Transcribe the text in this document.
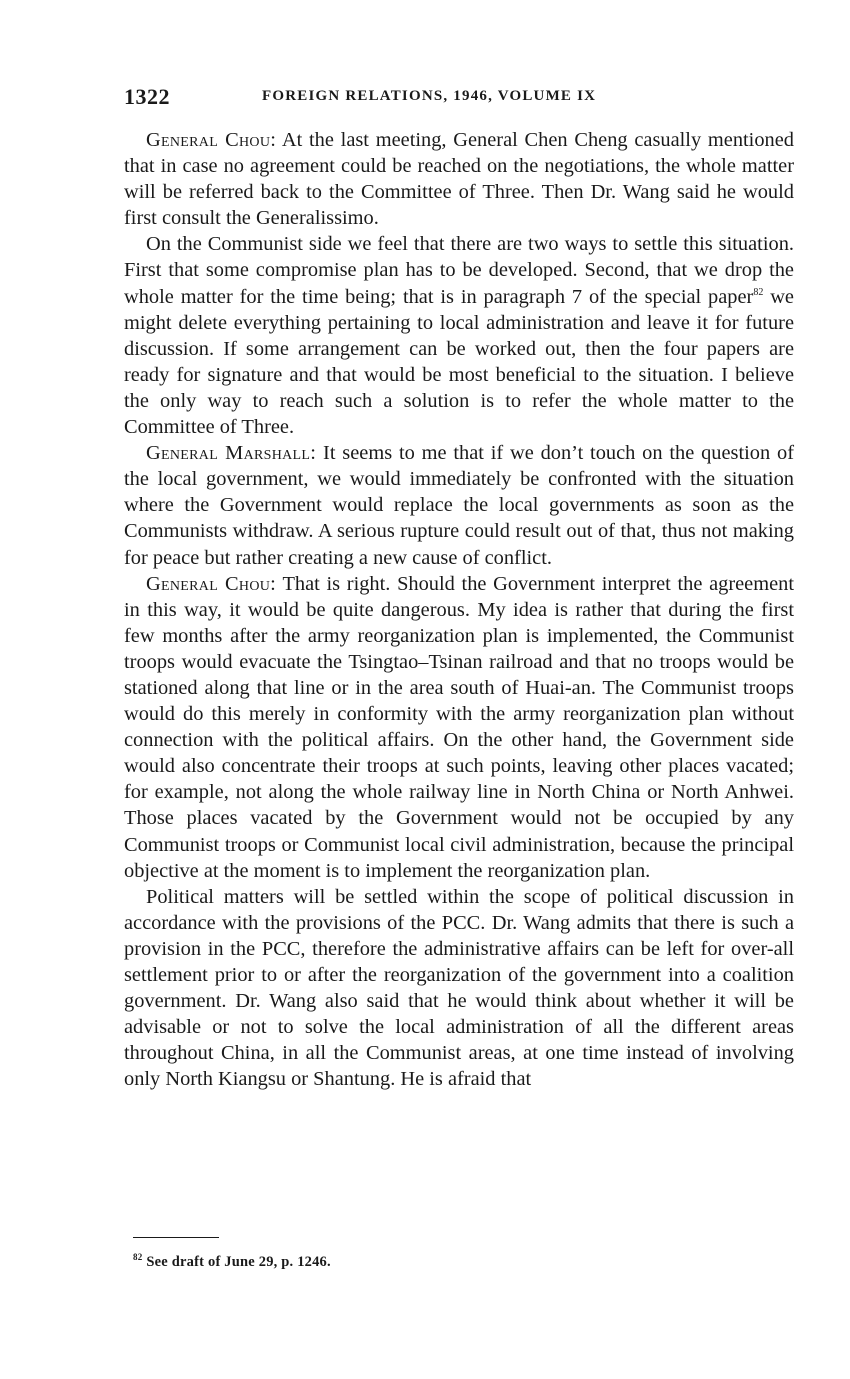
1322	FOREIGN RELATIONS, 1946, VOLUME IX

General Chou: At the last meeting, General Chen Cheng casually mentioned that in case no agreement could be reached on the negotiations, the whole matter will be referred back to the Committee of Three. Then Dr. Wang said he would first consult the Generalissimo.

On the Communist side we feel that there are two ways to settle this situation. First that some compromise plan has to be developed. Second, that we drop the whole matter for the time being; that is in paragraph 7 of the special paper$^{82}$ we might delete everything pertaining to local administration and leave it for future discussion. If some arrangement can be worked out, then the four papers are ready for signature and that would be most beneficial to the situation. I believe the only way to reach such a solution is to refer the whole matter to the Committee of Three.

General Marshall: It seems to me that if we don’t touch on the question of the local government, we would immediately be confronted with the situation where the Government would replace the local governments as soon as the Communists withdraw. A serious rupture could result out of that, thus not making for peace but rather creating a new cause of conflict.

General Chou: That is right. Should the Government interpret the agreement in this way, it would be quite dangerous. My idea is rather that during the first few months after the army reorganization plan is implemented, the Communist troops would evacuate the Tsingtao–Tsinan railroad and that no troops would be stationed along that line or in the area south of Huai-an. The Communist troops would do this merely in conformity with the army reorganization plan without connection with the political affairs. On the other hand, the Government side would also concentrate their troops at such points, leaving other places vacated; for example, not along the whole railway line in North China or North Anhwei. Those places vacated by the Government would not be occupied by any Communist troops or Communist local civil administration, because the principal objective at the moment is to implement the reorganization plan.

Political matters will be settled within the scope of political discussion in accordance with the provisions of the PCC. Dr. Wang admits that there is such a provision in the PCC, therefore the administrative affairs can be left for over-all settlement prior to or after the reorganization of the government into a coalition government. Dr. Wang also said that he would think about whether it will be advisable or not to solve the local administration of all the different areas throughout China, in all the Communist areas, at one time instead of involving only North Kiangsu or Shantung. He is afraid that

$^{82}$ See draft of June 29, p. 1246.
